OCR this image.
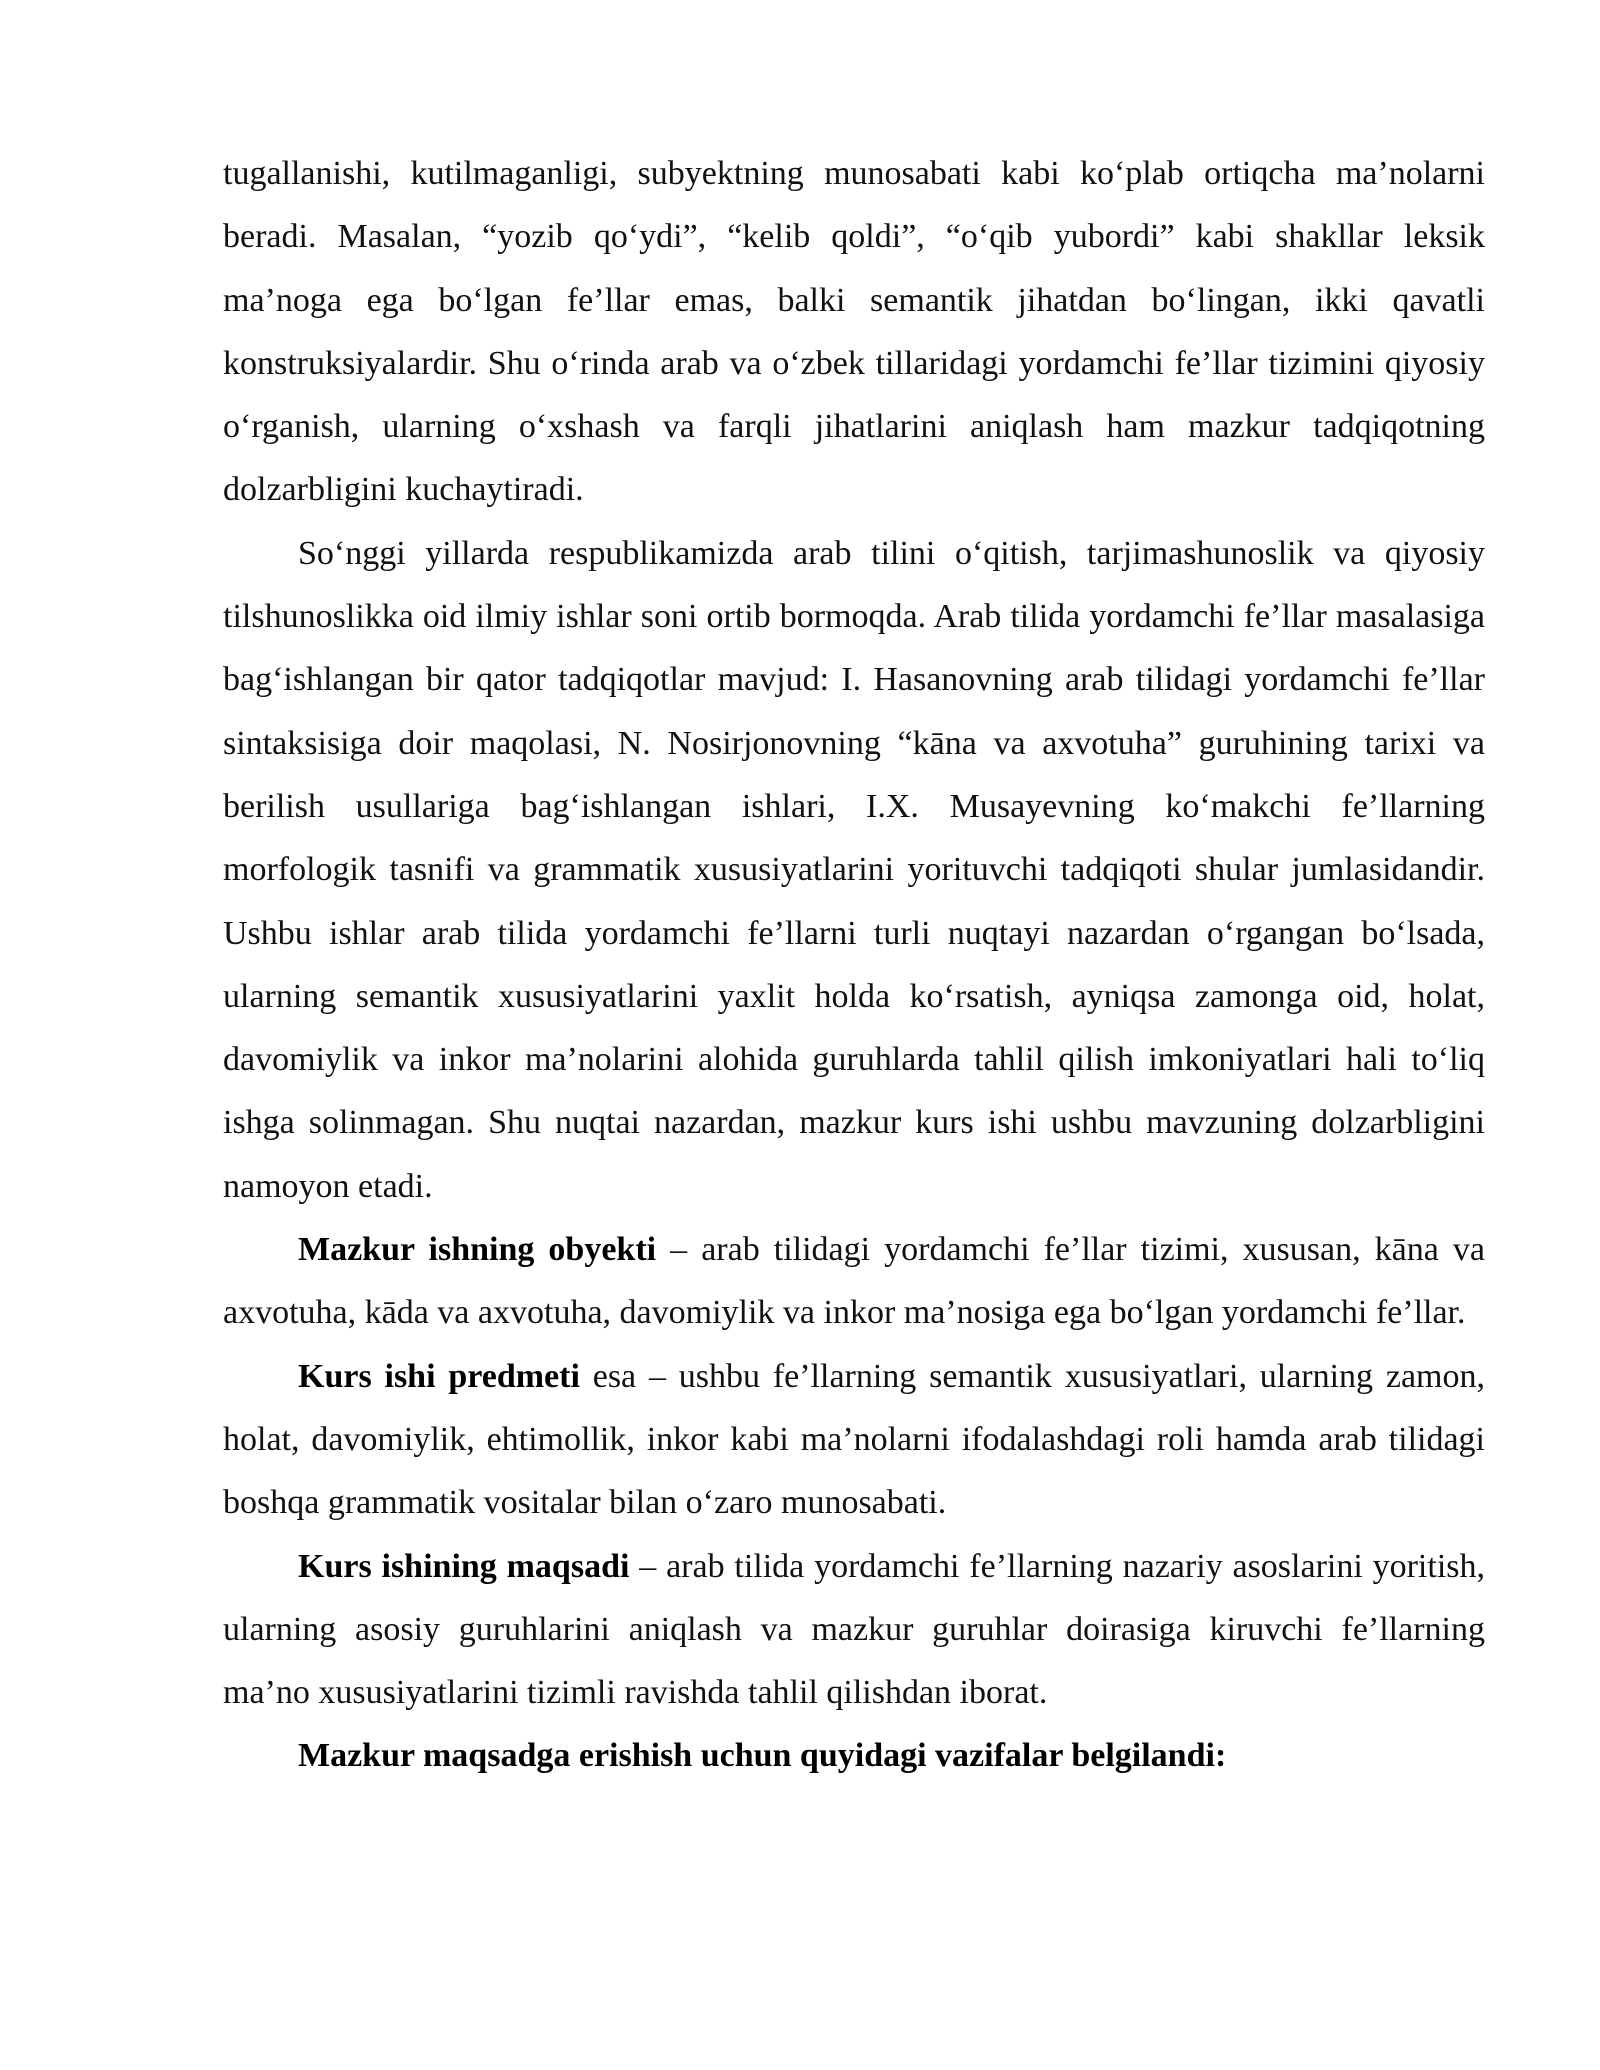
tugallanishi, kutilmaganligi, subyektning munosabati kabi ko‘plab ortiqcha ma’nolarni beradi. Masalan, “yozib qo‘ydi”, “kelib qoldi”, “o‘qib yubordi” kabi shakllar leksik ma’noga ega bo‘lgan fe’llar emas, balki semantik jihatdan bo‘lingan, ikki qavatli konstruksiyalardir. Shu o‘rinda arab va o‘zbek tillaridagi yordamchi fe’llar tizimini qiyosiy o‘rganish, ularning o‘xshash va farqli jihatlarini aniqlash ham mazkur tadqiqotning dolzarbligini kuchaytiradi.

So‘nggi yillarda respublikamizda arab tilini o‘qitish, tarjimashunoslik va qiyosiy tilshunoslikka oid ilmiy ishlar soni ortib bormoqda. Arab tilida yordamchi fe’llar masalasiga bag‘ishlangan bir qator tadqiqotlar mavjud: I. Hasanovning arab tilidagi yordamchi fe’llar sintaksisiga doir maqolasi, N. Nosirjonovning “kāna va axvotuha” guruhining tarixi va berilish usullariga bag‘ishlangan ishlari, I.X. Musayevning ko‘makchi fe’llarning morfologik tasnifi va grammatik xususiyatlarini yorituvchi tadqiqoti shular jumlasidandir. Ushbu ishlar arab tilida yordamchi fe’llarni turli nuqtayi nazardan o‘rgangan bo‘lsada, ularning semantik xususiyatlarini yaxlit holda ko‘rsatish, ayniqsa zamonga oid, holat, davomiylik va inkor ma’nolarini alohida guruhlarda tahlil qilish imkoniyatlari hali to‘liq ishga solinmagan. Shu nuqtai nazardan, mazkur kurs ishi ushbu mavzuning dolzarbligini namoyon etadi.

Mazkur ishning obyekti – arab tilidagi yordamchi fe’llar tizimi, xususan, kāna va axvotuha, kāda va axvotuha, davomiylik va inkor ma’nosiga ega bo‘lgan yordamchi fe’llar.

Kurs ishi predmeti esa – ushbu fe’llarning semantik xususiyatlari, ularning zamon, holat, davomiylik, ehtimollik, inkor kabi ma’nolarni ifodalashdagi roli hamda arab tilidagi boshqa grammatik vositalar bilan o‘zaro munosabati.

Kurs ishining maqsadi – arab tilida yordamchi fe’llarning nazariy asoslarini yoritish, ularning asosiy guruhlarini aniqlash va mazkur guruhlar doirasiga kiruvchi fe’llarning ma’no xususiyatlarini tizimli ravishda tahlil qilishdan iborat.

Mazkur maqsadga erishish uchun quyidagi vazifalar belgilandi:
